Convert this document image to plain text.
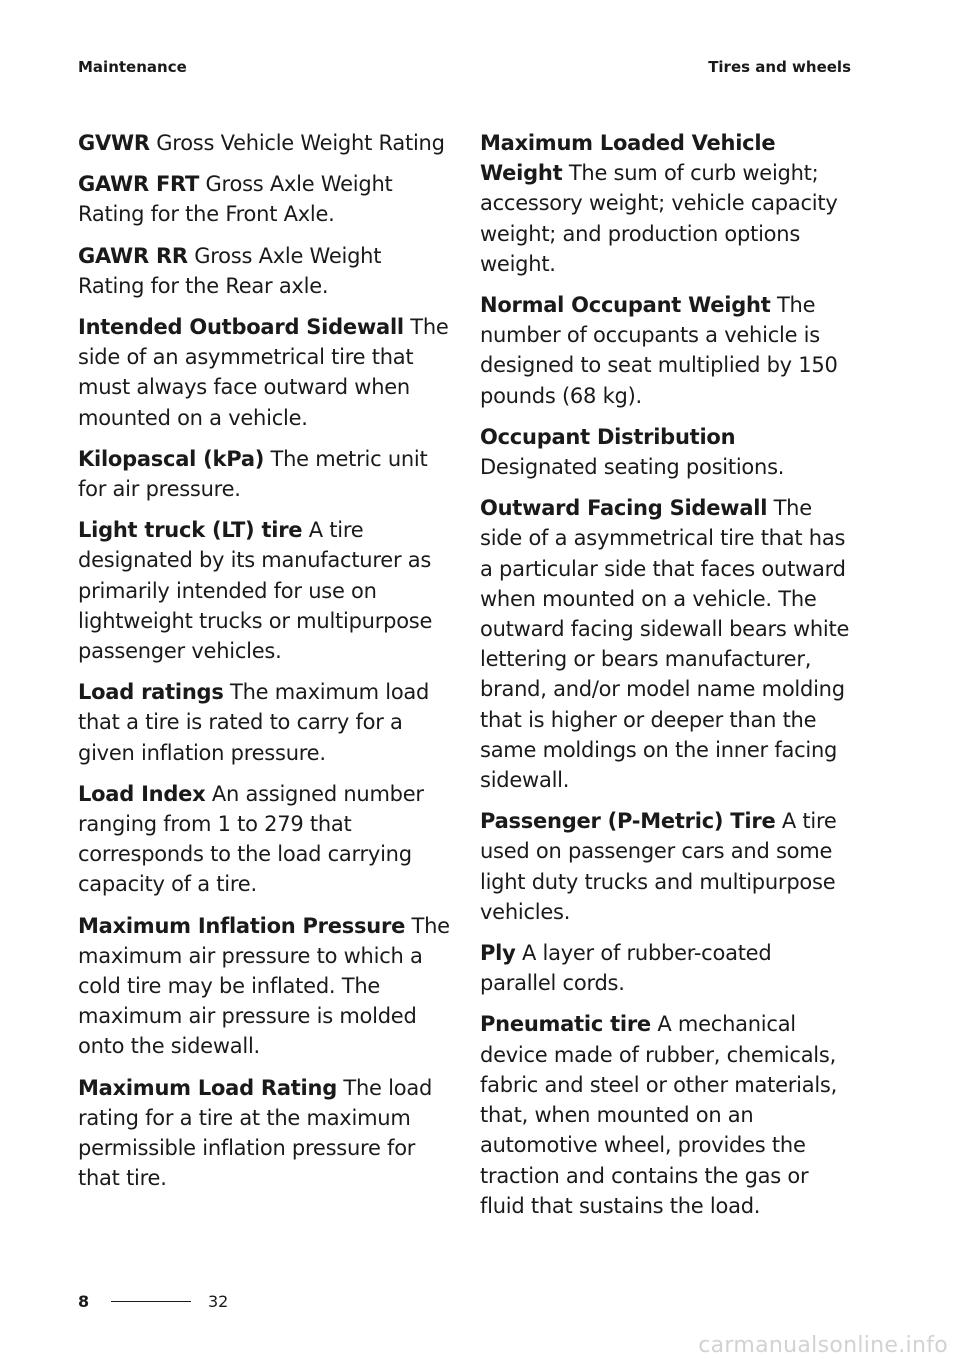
Maintenance	Tires and wheels

GVWR Gross Vehicle Weight Rating

GAWR FRT Gross Axle Weight Rating for the Front Axle.

GAWR RR Gross Axle Weight Rating for the Rear axle.

Intended Outboard Sidewall The side of an asymmetrical tire that must always face outward when mounted on a vehicle.

Kilopascal (kPa) The metric unit for air pressure.

Light truck (LT) tire A tire designated by its manufacturer as primarily intended for use on lightweight trucks or multipurpose passenger vehicles.

Load ratings The maximum load that a tire is rated to carry for a given inflation pressure.

Load Index An assigned number ranging from 1 to 279 that corresponds to the load carrying capacity of a tire.

Maximum Inflation Pressure The maximum air pressure to which a cold tire may be inflated. The maximum air pressure is molded onto the sidewall.

Maximum Load Rating The load rating for a tire at the maximum permissible inflation pressure for that tire.

Maximum Loaded Vehicle Weight The sum of curb weight; accessory weight; vehicle capacity weight; and production options weight.

Normal Occupant Weight The number of occupants a vehicle is designed to seat multiplied by 150 pounds (68 kg).

Occupant Distribution Designated seating positions.

Outward Facing Sidewall The side of a asymmetrical tire that has a particular side that faces outward when mounted on a vehicle. The outward facing sidewall bears white lettering or bears manufacturer, brand, and/or model name molding that is higher or deeper than the same moldings on the inner facing sidewall.

Passenger (P-Metric) Tire A tire used on passenger cars and some light duty trucks and multipurpose vehicles.

Ply A layer of rubber-coated parallel cords.

Pneumatic tire A mechanical device made of rubber, chemicals, fabric and steel or other materials, that, when mounted on an automotive wheel, provides the traction and contains the gas or fluid that sustains the load.

8	32
carmanualsonline.info
